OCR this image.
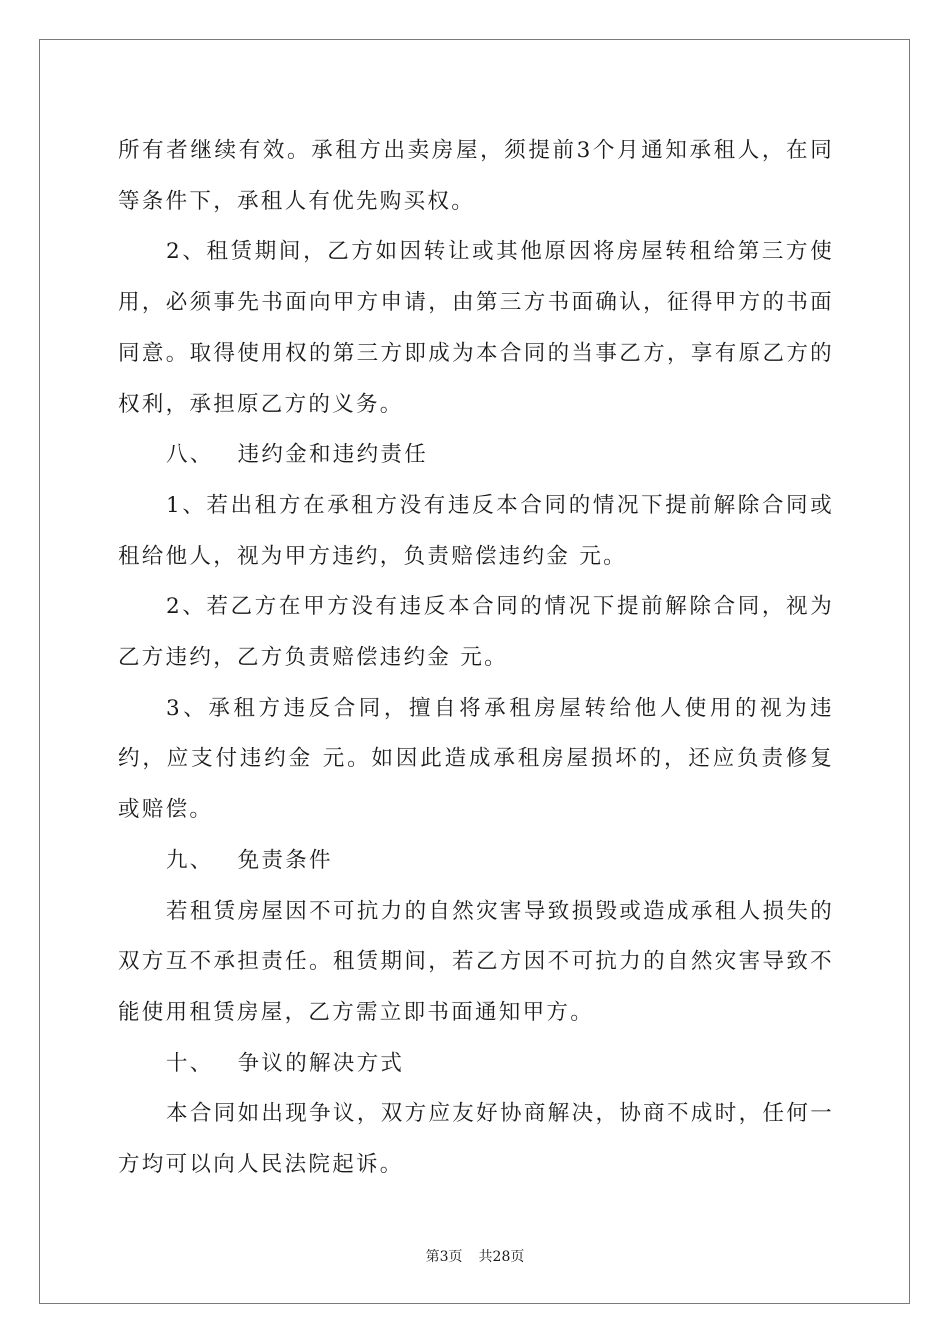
所有者继续有效。承租方出卖房屋，须提前3个月通知承租人，在同等条件下，承租人有优先购买权。

2、租赁期间，乙方如因转让或其他原因将房屋转租给第三方使用，必须事先书面向甲方申请，由第三方书面确认，征得甲方的书面同意。取得使用权的第三方即成为本合同的当事乙方，享有原乙方的权利，承担原乙方的义务。

八、 违约金和违约责任

1、若出租方在承租方没有违反本合同的情况下提前解除合同或租给他人，视为甲方违约，负责赔偿违约金 元。

2、若乙方在甲方没有违反本合同的情况下提前解除合同，视为乙方违约，乙方负责赔偿违约金 元。

3、承租方违反合同，擅自将承租房屋转给他人使用的视为违约，应支付违约金 元。如因此造成承租房屋损坏的，还应负责修复或赔偿。

九、 免责条件

若租赁房屋因不可抗力的自然灾害导致损毁或造成承租人损失的双方互不承担责任。租赁期间，若乙方因不可抗力的自然灾害导致不能使用租赁房屋，乙方需立即书面通知甲方。

十、 争议的解决方式

本合同如出现争议，双方应友好协商解决，协商不成时，任何一方均可以向人民法院起诉。

第3页 共28页
